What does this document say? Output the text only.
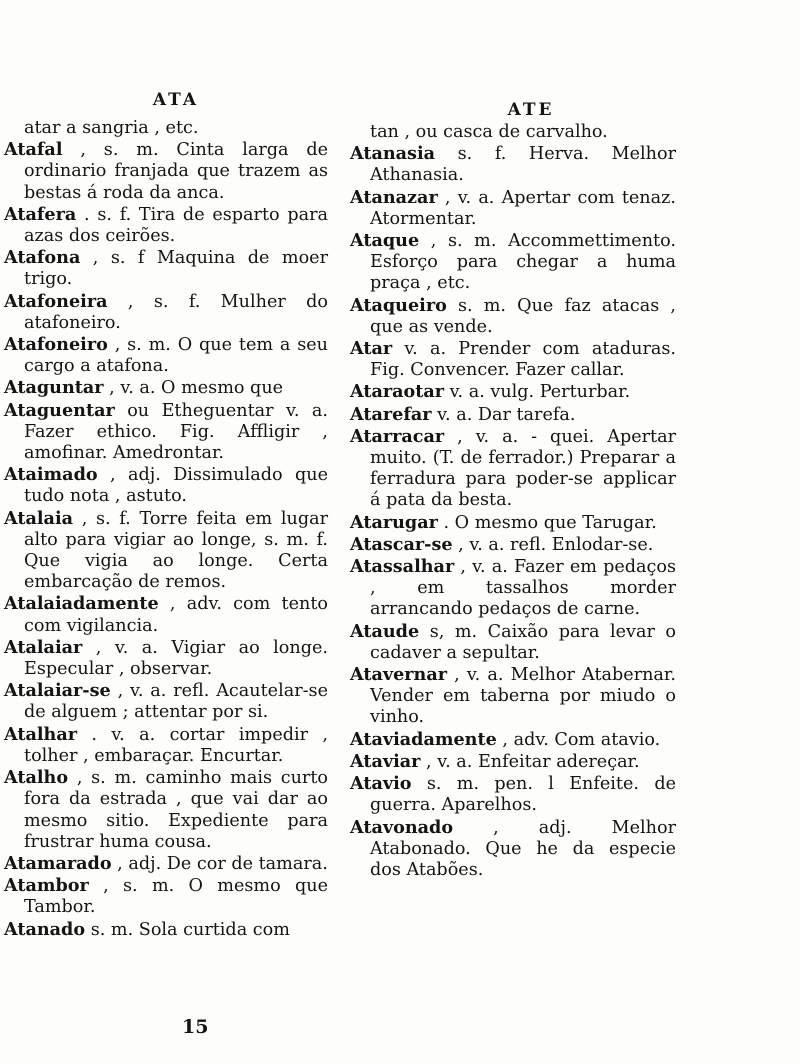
ATA

atar a sangria , etc.

Atafal , s. m. Cinta larga de ordinario franjada que trazem as bestas á roda da anca.

Atafera . s. f. Tira de esparto para azas dos ceirões.

Atafona , s. f Maquina de moer trigo.

Atafoneira , s. f. Mulher do atafoneiro.

Atafoneiro , s. m. O que tem a seu cargo a atafona.

Ataguntar , v. a. O mesmo que

Ataguentar ou Etheguentar v. a. Fazer ethico. Fig. Affligir , amofinar. Amedrontar.

Ataimado , adj. Dissimulado que tudo nota , astuto.

Atalaia , s. f. Torre feita em lugar alto para vigiar ao longe, s. m. f. Que vigia ao longe. Certa embarcação de remos.

Atalaiadamente , adv. com tento com vigilancia.

Atalaiar , v. a. Vigiar ao longe. Especular , observar.

Atalaiar-se , v. a. refl. Acautelar-se de alguem ; attentar por si.

Atalhar . v. a. cortar impedir , tolher , embaraçar. Encurtar.

Atalho , s. m. caminho mais curto fora da estrada , que vai dar ao mesmo sitio. Expediente para frustrar huma cousa.

Atamarado , adj. De cor de tamara.

Atambor , s. m. O mesmo que Tambor.

Atanado s. m. Sola curtida com

ATE

tan , ou casca de carvalho.

Atanasia s. f. Herva. Melhor Athanasia.

Atanazar , v. a. Apertar com tenaz. Atormentar.

Ataque , s. m. Accommettimento. Esforço para chegar a huma praça , etc.

Ataqueiro s. m. Que faz atacas , que as vende.

Atar v. a. Prender com ataduras. Fig. Convencer. Fazer callar.

Ataraotar v. a. vulg. Perturbar.

Atarefar v. a. Dar tarefa.

Atarracar , v. a. - quei. Apertar muito. (T. de ferrador.) Preparar a ferradura para poder-se applicar á pata da besta.

Atarugar . O mesmo que Tarugar.

Atascar-se , v. a. refl. Enlodar-se.

Atassalhar , v. a. Fazer em pedaços , em tassalhos morder arrancando pedaços de carne.

Ataude s, m. Caixão para levar o cadaver a sepultar.

Atavernar , v. a. Melhor Atabernar. Vender em taberna por miudo o vinho.

Ataviadamente , adv. Com atavio.

Ataviar , v. a. Enfeitar adereçar.

Atavio s. m. pen. l Enfeite. de guerra. Aparelhos.

Atavonado , adj. Melhor Atabonado. Que he da especie dos Atabões.

15
